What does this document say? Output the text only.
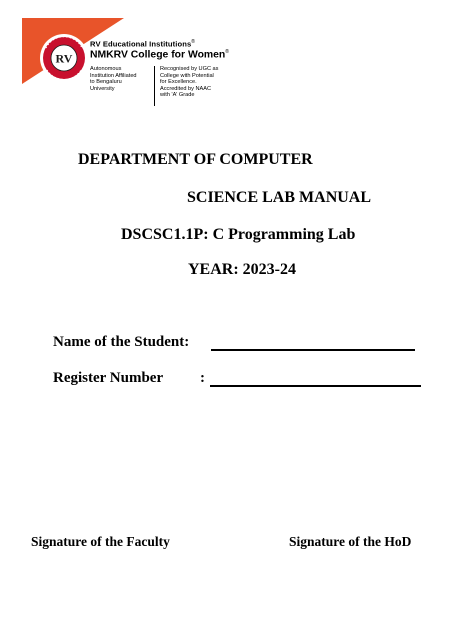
RV
RV Educational Institutions®
NMKRV College for Women®
Autonomous
Institution Affiliated
to Bengaluru
University
Recognised by UGC as
College with Potential
for Excellence.
Accredited by NAAC
with 'A' Grade
DEPARTMENT OF COMPUTER
SCIENCE LAB MANUAL
DSCSC1.1P: C Programming Lab
YEAR: 2023-24
Name of the Student:
Register Number :
Signature of the Faculty	Signature of the HoD
